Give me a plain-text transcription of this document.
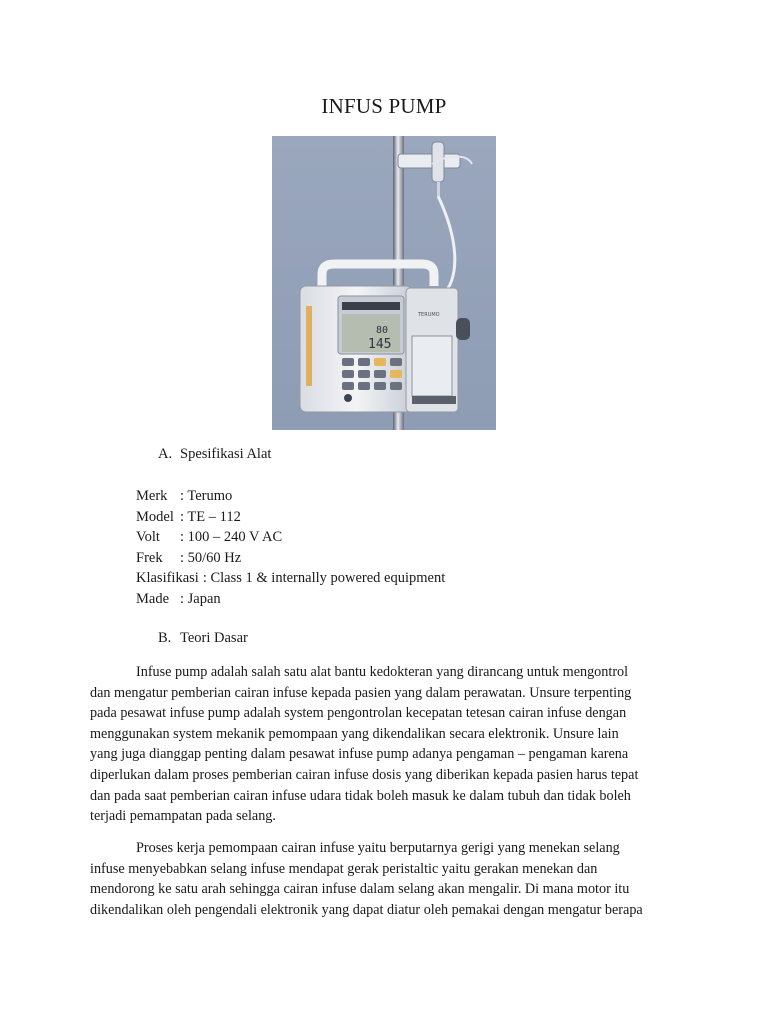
INFUS PUMP
80
145
TERUMO
A. Spesifikasi Alat
Merk : Terumo
Model : TE – 112
Volt : 100 – 240 V AC
Frek : 50/60 Hz
Klasifikasi : Class 1 & internally powered equipment
Made : Japan
B. Teori Dasar

Infuse pump adalah salah satu alat bantu kedokteran yang dirancang untuk mengontrol
dan mengatur pemberian cairan infuse kepada pasien yang dalam perawatan. Unsure terpenting
pada pesawat infuse pump adalah system pengontrolan kecepatan tetesan cairan infuse dengan
menggunakan system mekanik pemompaan yang dikendalikan secara elektronik. Unsure lain
yang juga dianggap penting dalam pesawat infuse pump adanya pengaman – pengaman karena
diperlukan dalam proses pemberian cairan infuse dosis yang diberikan kepada pasien harus tepat
dan pada saat pemberian cairan infuse udara tidak boleh masuk ke dalam tubuh dan tidak boleh
terjadi pemampatan pada selang.

Proses kerja pemompaan cairan infuse yaitu berputarnya gerigi yang menekan selang
infuse menyebabkan selang infuse mendapat gerak peristaltic yaitu gerakan menekan dan
mendorong ke satu arah sehingga cairan infuse dalam selang akan mengalir. Di mana motor itu
dikendalikan oleh pengendali elektronik yang dapat diatur oleh pemakai dengan mengatur berapa
